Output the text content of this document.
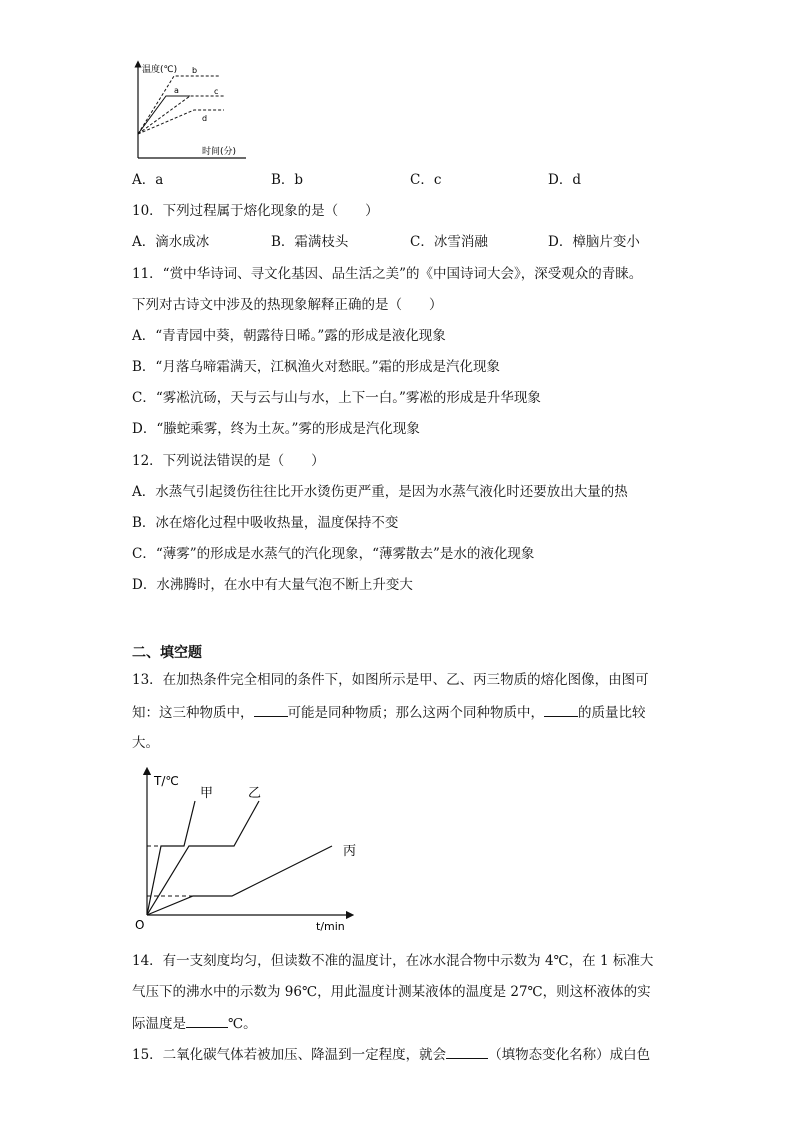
温度(℃)
时间(分)
b
a	c
d
A．a	B．b	C．c	D．d
10．下列过程属于熔化现象的是（　　）
A．滴水成冰	B．霜满枝头	C．冰雪消融	D．樟脑片变小
11．“赏中华诗词、寻文化基因、品生活之美”的《中国诗词大会》，深受观众的青睐。
下列对古诗文中涉及的热现象解释正确的是（　　）
A．“青青园中葵，朝露待日晞。”露的形成是液化现象
B．“月落乌啼霜满天，江枫渔火对愁眠。”霜的形成是汽化现象
C．“雾凇沆砀，天与云与山与水，上下一白。”雾凇的形成是升华现象
D．“螣蛇乘雾，终为土灰。”雾的形成是汽化现象
12．下列说法错误的是（　　）
A．水蒸气引起烫伤往往比开水烫伤更严重，是因为水蒸气液化时还要放出大量的热
B．冰在熔化过程中吸收热量，温度保持不变
C．“薄雾”的形成是水蒸气的汽化现象，“薄雾散去”是水的液化现象
D．水沸腾时，在水中有大量气泡不断上升变大
二、填空题
13．在加热条件完全相同的条件下，如图所示是甲、乙、丙三物质的熔化图像，由图可
知：这三种物质中，	可能是同种物质；那么这两个同种物质中，	的质量比较
大。
T/℃
t/min
O
甲	乙
丙
14．有一支刻度均匀，但读数不准的温度计，在冰水混合物中示数为 4℃，在 1 标准大
气压下的沸水中的示数为 96℃，用此温度计测某液体的温度是 27℃，则这杯液体的实
际温度是	℃。
15．二氧化碳气体若被加压、降温到一定程度，就会	（填物态变化名称）成白色
